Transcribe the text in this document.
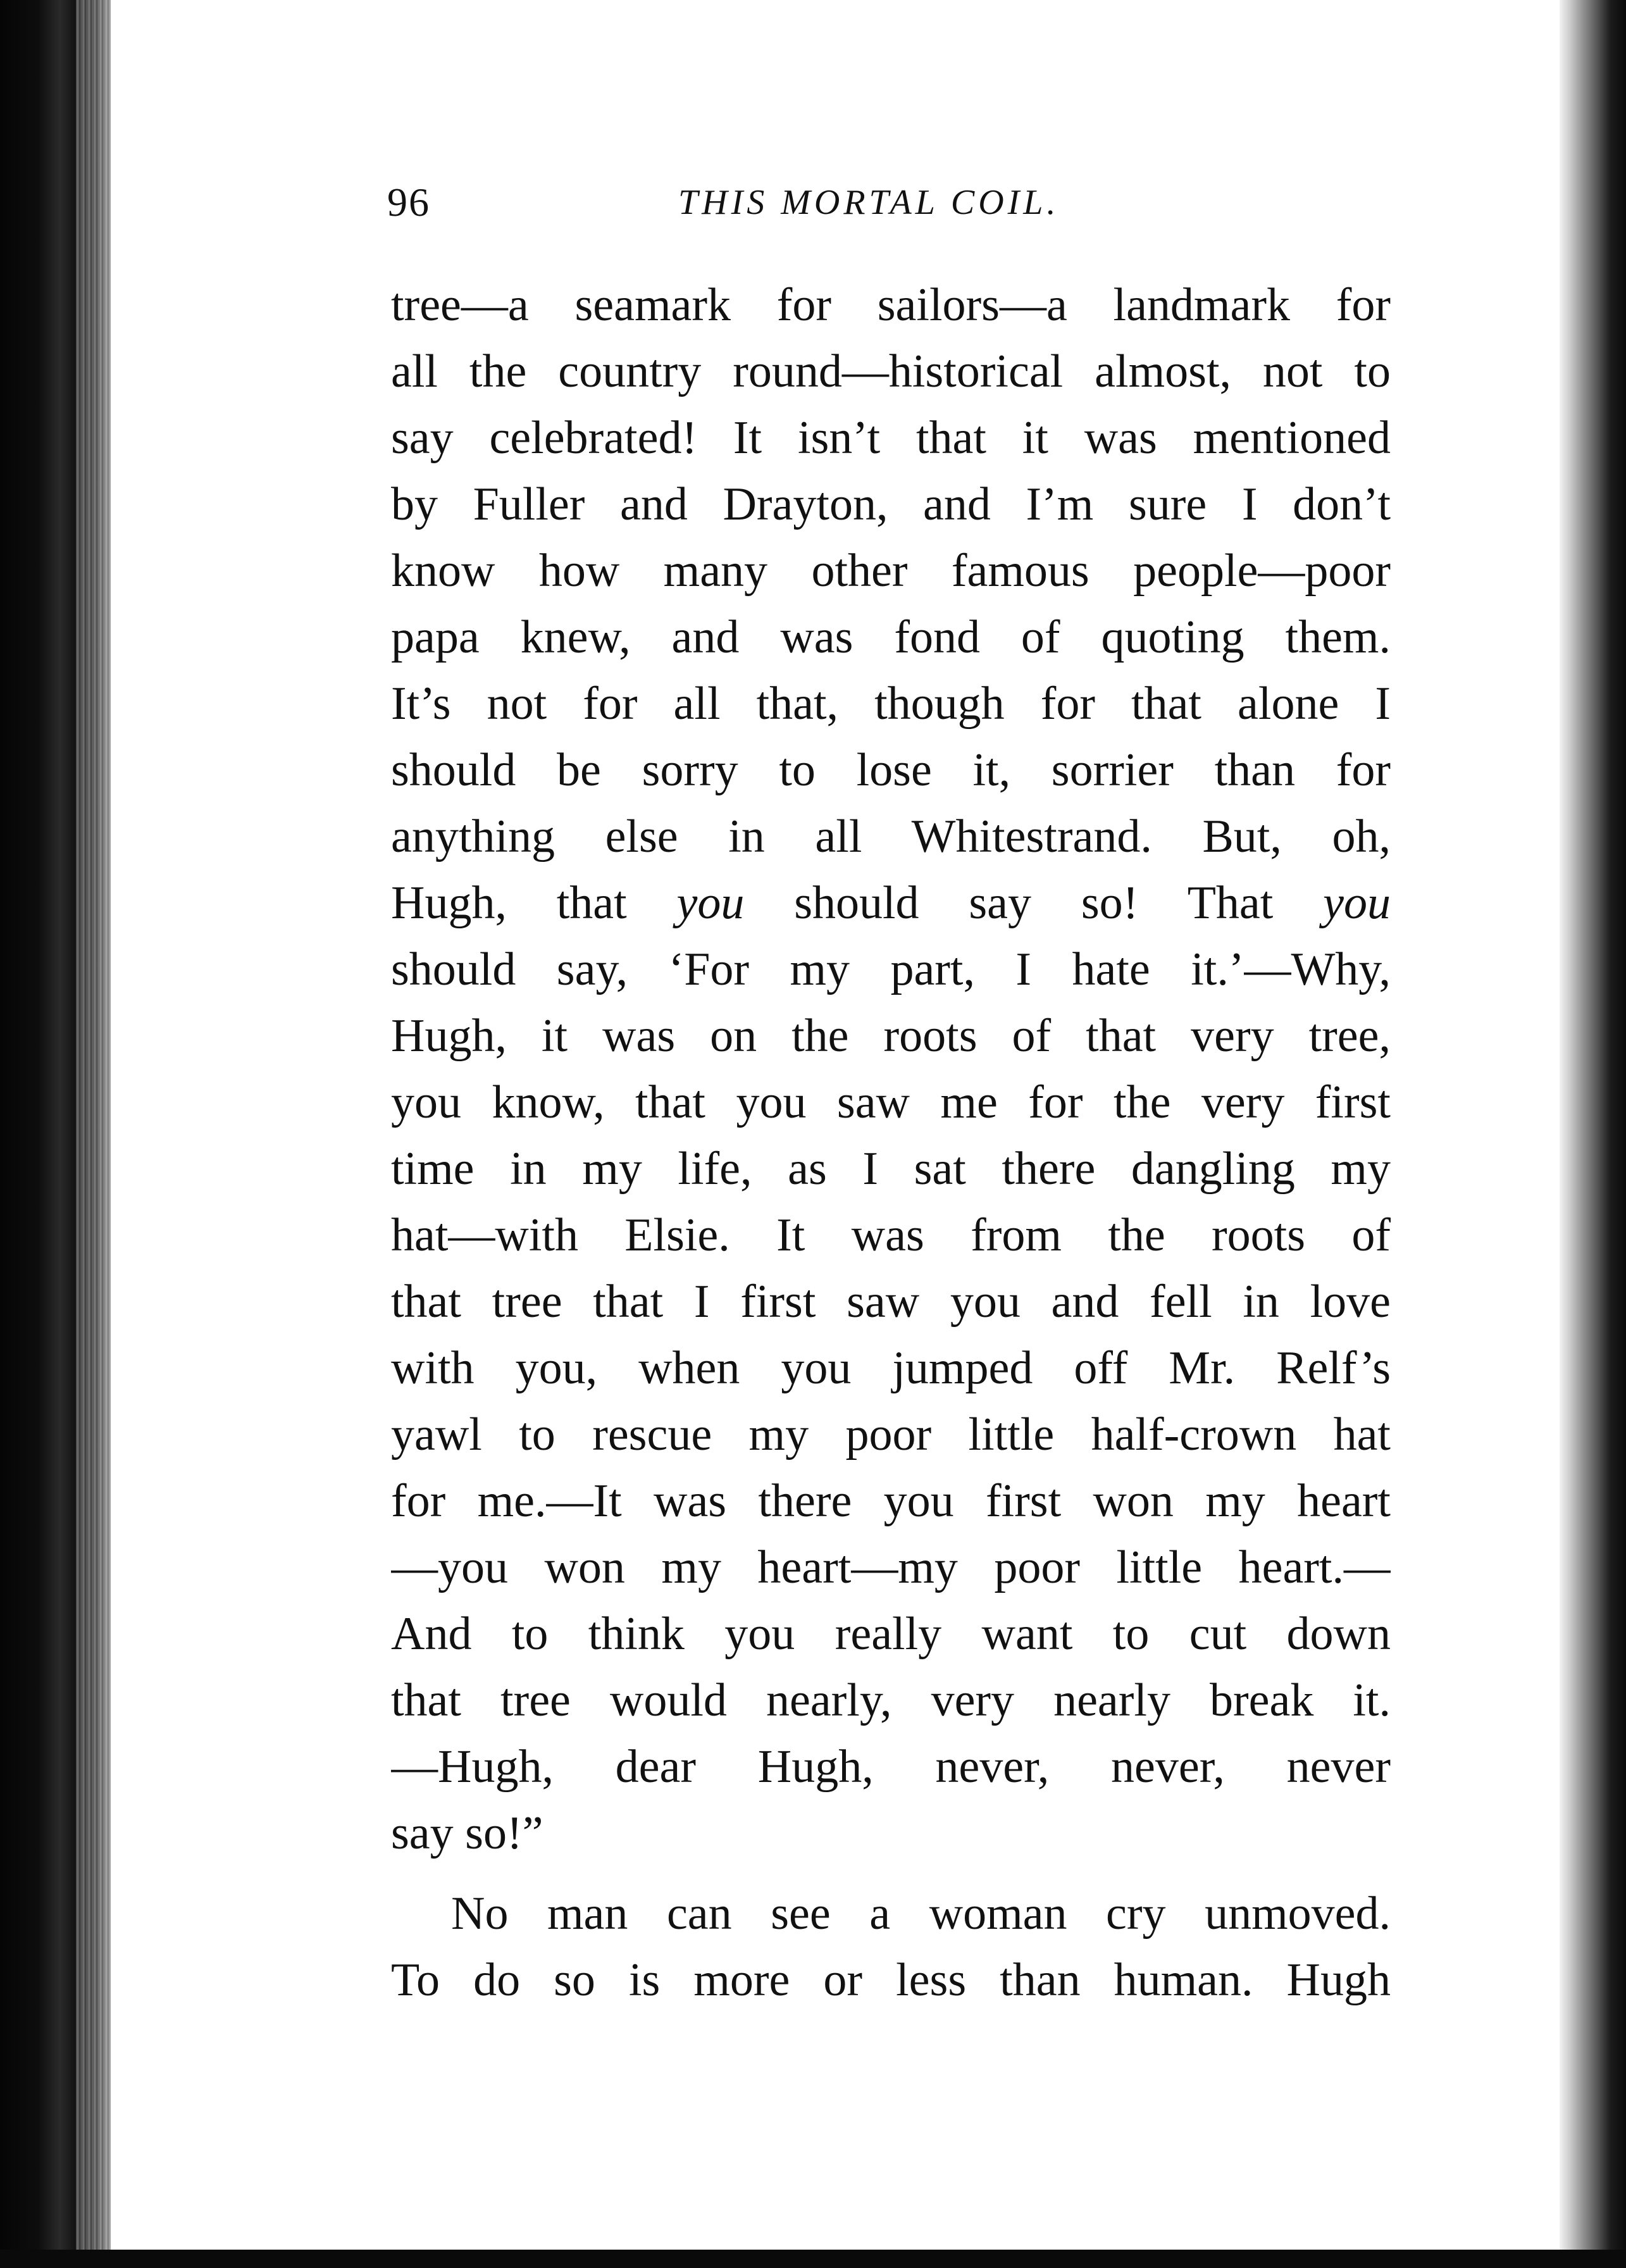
96	THIS MORTAL COIL.
tree—a seamark for sailors—a landmark for
all the country round—historical almost, not to
say celebrated! It isn’t that it was mentioned
by Fuller and Drayton, and I’m sure I don’t
know how many other famous people—poor
papa knew, and was fond of quoting them.
It’s not for all that, though for that alone I
should be sorry to lose it, sorrier than for
anything else in all Whitestrand. But, oh,
Hugh, that you should say so! That you
should say, ‘For my part, I hate it.’—Why,
Hugh, it was on the roots of that very tree,
you know, that you saw me for the very first
time in my life, as I sat there dangling my
hat—with Elsie. It was from the roots of
that tree that I first saw you and fell in love
with you, when you jumped off Mr. Relf’s
yawl to rescue my poor little half-crown hat
for me.—It was there you first won my heart
—you won my heart—my poor little heart.—
And to think you really want to cut down
that tree would nearly, very nearly break it.
—Hugh, dear Hugh, never, never, never
say so!”
No man can see a woman cry unmoved.
To do so is more or less than human. Hugh
